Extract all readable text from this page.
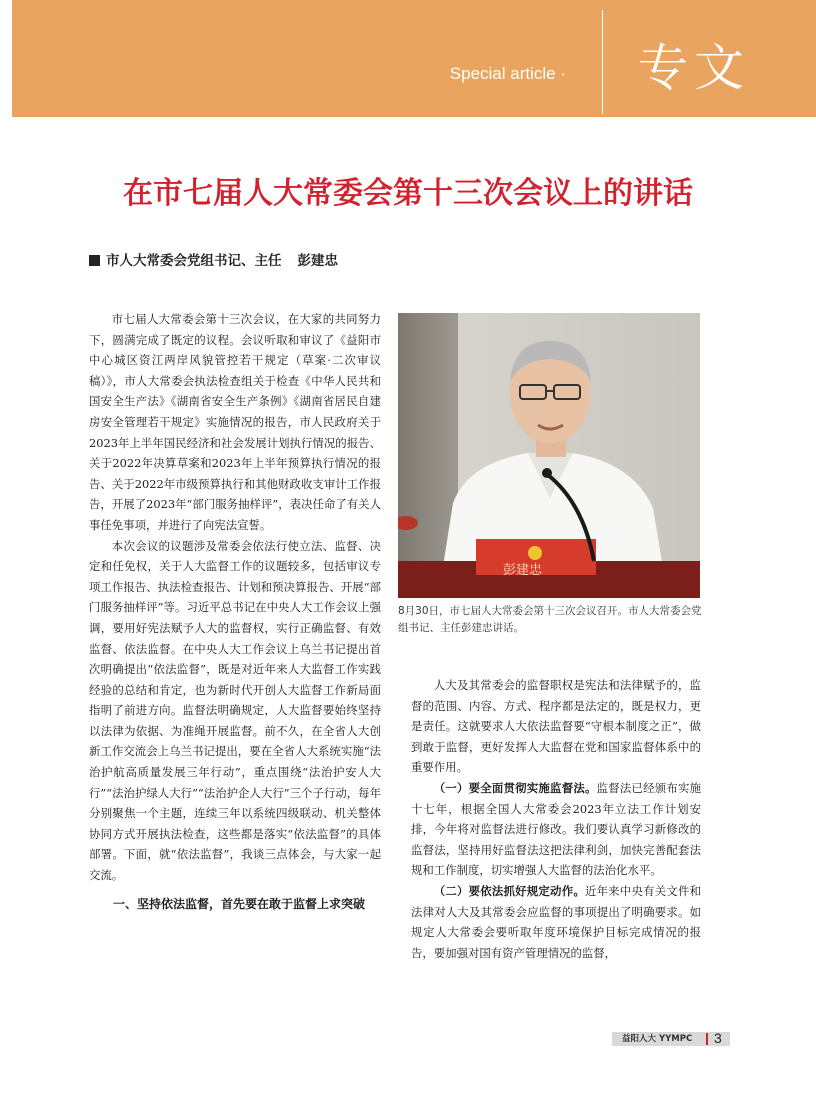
Special article · 专文
在市七届人大常委会第十三次会议上的讲话
市人大常委会党组书记、主任 彭建忠

市七届人大常委会第十三次会议，在大家的共同努力下，圆满完成了既定的议程。会议听取和审议了《益阳市中心城区资江两岸风貌管控若干规定（草案·二次审议稿）》，市人大常委会执法检查组关于检查《中华人民共和国安全生产法》《湖南省安全生产条例》《湖南省居民自建房安全管理若干规定》实施情况的报告，市人民政府关于2023年上半年国民经济和社会发展计划执行情况的报告、关于2022年决算草案和2023年上半年预算执行情况的报告、关于2022年市级预算执行和其他财政收支审计工作报告，开展了2023年“部门服务抽样评”，表决任命了有关人事任免事项，并进行了向宪法宣誓。

本次会议的议题涉及常委会依法行使立法、监督、决定和任免权，关于人大监督工作的议题较多，包括审议专项工作报告、执法检查报告、计划和预决算报告、开展“部门服务抽样评”等。习近平总书记在中央人大工作会议上强调，要用好宪法赋予人大的监督权，实行正确监督、有效监督、依法监督。在中央人大工作会议上乌兰书记提出首次明确提出“依法监督”，既是对近年来人大监督工作实践经验的总结和肯定，也为新时代开创人大监督工作新局面指明了前进方向。监督法明确规定，人大监督要始终坚持以法律为依据、为准绳开展监督。前不久，在全省人大创新工作交流会上乌兰书记提出，要在全省人大系统实施“法治护航高质量发展三年行动”，重点围绕“法治护安人大行”“法治护绿人大行”“法治护企人大行”三个子行动，每年分别聚焦一个主题，连续三年以系统四级联动、机关整体协同方式开展执法检查，这些都是落实“依法监督”的具体部署。下面，就“依法监督”，我谈三点体会，与大家一起交流。

一、坚持依法监督，首先要在敢于监督上求突破

彭建忠

8月30日，市七届人大常委会第十三次会议召开。市人大常委会党组书记、主任彭建忠讲话。

人大及其常委会的监督职权是宪法和法律赋予的，监督的范围、内容、方式、程序都是法定的，既是权力，更是责任。这就要求人大依法监督要“守根本制度之正”，做到敢于监督，更好发挥人大监督在党和国家监督体系中的重要作用。

（一）要全面贯彻实施监督法。监督法已经颁布实施十七年，根据全国人大常委会2023年立法工作计划安排，今年将对监督法进行修改。我们要认真学习新修改的监督法，坚持用好监督法这把法律利剑，加快完善配套法规和工作制度，切实增强人大监督的法治化水平。

（二）要依法抓好规定动作。近年来中央有关文件和法律对人大及其常委会应监督的事项提出了明确要求。如规定人大常委会要听取年度环境保护目标完成情况的报告，要加强对国有资产管理情况的监督，

益阳人大 YYMPC 3
